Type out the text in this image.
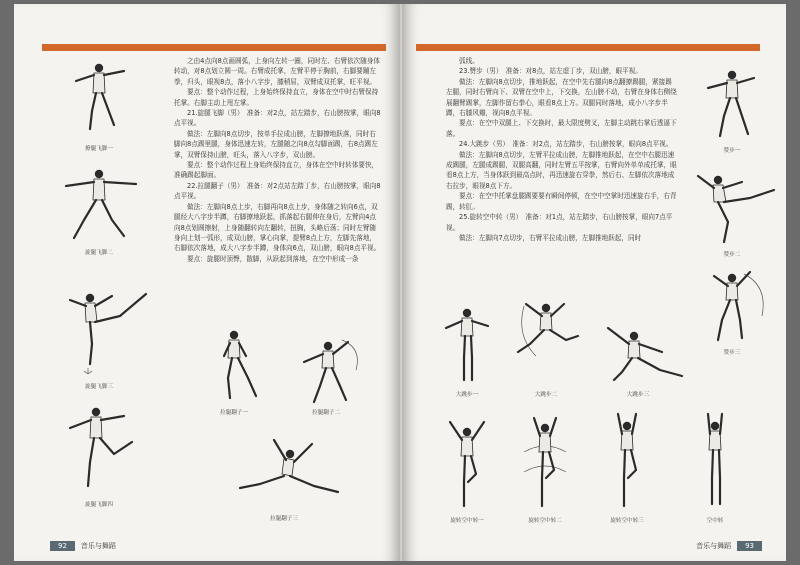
之由4点向8点画圆弧，上身向左转一圈，同时左、右臂依次随身体转动，对8点划立圆一周。右臂成托掌，左臂平停于胸前，右脚要蹦左拳，归头，眼视8点，落小八字步，膝稍屈，双臂成双托掌，旺平视。

要点：整个动作过程，上身始终保持直立，身体在空中时右臂保持托掌。右脚主动上甩左掌。

21.旋腿飞脚（男）　准备：对2点，站左踏步，右山膀按掌，眼向8点平视。

做法：左脚向8点切步，按单手拉成山膀，左脚撩地跃落，同时右脚向8点踢里腿，身体迅速左转，左腿随之向8点勾脚面踢，右8点踢左掌，双臂保持山膀，旺头，落入八字步，双山膀。

要点：整个动作过程上身始终保持直立，身体在空中时转体要快，准确踢起脚面。

22.拉腿翻子（男）　准备：对2点站左踏丁步，右山膀按掌，眼向8点平视。

做法：左脚向8点上步，右脚再向8点上步，身体随之转向6点，双腿经大八字步半蹲，右脚撩地跃起，抓落起右腿伸在身后，左臂向4点向8点划圆擦射，上身随翻转向左翻转，扭胸，头略后荡；同时左臂随身向上划一弧形，成双山膀，掌心向掌，提臂8点上方，左脚先落地，右脚依次落地，成大八字步半蹲，身体向6点，双山膀，眼向8点平视。

要点：旋腿时顶臀，散脚，从跃起到落地，在空中形成一条

撩腿飞脚一
旋腿飞脚二
旋腿飞脚三
旋腿飞脚四
拉腿翻子一	拉腿翻子二
拉腿翻子三
92	音乐与舞蹈

弧线。

23.赞步（男）　准备：对8点，站左虚丁步，双山膀，眼平视。

做法：左脚向8点切步，推地跃起，在空中先右腿向8点翻撩踢腿，紧接踢左腿，同时右臂向下、双臂在空中上，下交换，左山膀不动，右臂在身体右侧绕展翻臂踢掌，左脚作留右拳心，眼看8点上方。双腿同时落地，成小八字步半蹲，右膝风瓣，视向8点平视。

要点：在空中双腿上、下交换时，最大限度劈叉，左脚主动跳右掌后透逼下落。

24.大跳步（男）　准备：对2点，站左踏步，右山膀按掌，眼向8点平视。

做法：左脚向8点切步，左臂平拉成山膀，左脚推地跃起，在空中右腿迅速成踢腿，左腿成踢腿，双腿高翻，同时左臂五平按掌，右臂向外单单成托掌，眼看8点上方，当身体跃到最高点时，再迅速旋右穿拳，然后右、左脚依次落地成右拉步，眼视8点下方。

要点：在空中托掌盘腿踢要要有瞬间停顿，在空中空掌时迅速旋右手，右背踢，转肛。

25.旋转空中转（男）　准备：对1点，站左踏步，右山膀按掌，眼向7点平视。

做法：左脚向7点切步，右臂平拉成山膀，左脚推地跃起，同时

赞步一
赞步二
赞步三
大跳步一	大跳步二	大跳步三
旋转空中转一	旋转空中转二	旋转空中转三	空中转
音乐与舞蹈	93
